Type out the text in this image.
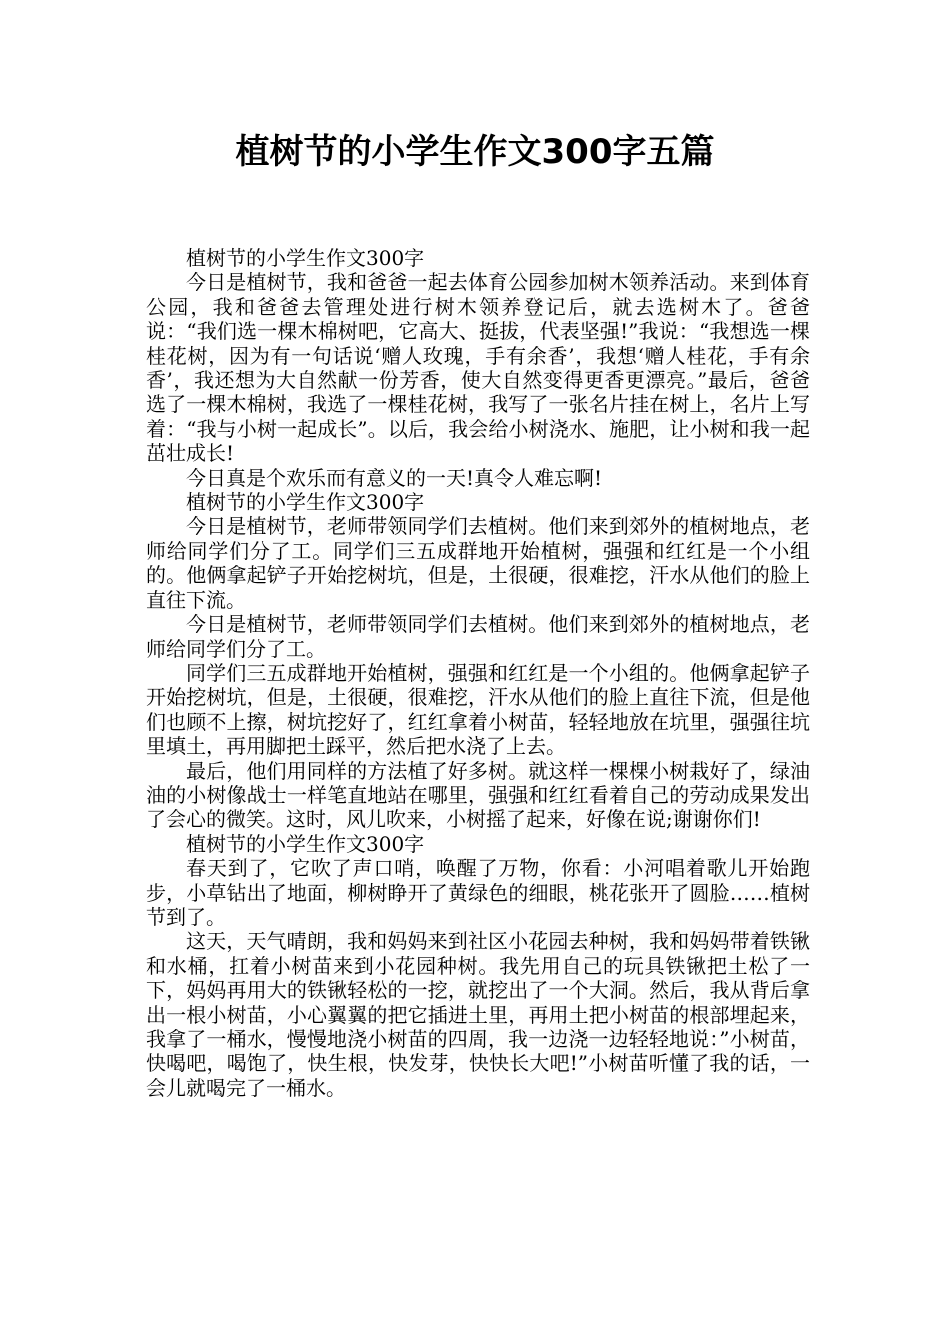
植树节的小学生作文300字五篇

植树节的小学生作文300字

今日是植树节，我和爸爸一起去体育公园参加树木领养活动。来到体育公园，我和爸爸去管理处进行树木领养登记后，就去选树木了。爸爸说：“我们选一棵木棉树吧，它高大、挺拔，代表坚强!”我说：“我想选一棵桂花树，因为有一句话说‘赠人玫瑰，手有余香’，我想‘赠人桂花，手有余香’，我还想为大自然献一份芳香，使大自然变得更香更漂亮。”最后，爸爸选了一棵木棉树，我选了一棵桂花树，我写了一张名片挂在树上，名片上写着：“我与小树一起成长”。以后，我会给小树浇水、施肥，让小树和我一起茁壮成长!

今日真是个欢乐而有意义的一天!真令人难忘啊!

植树节的小学生作文300字

今日是植树节，老师带领同学们去植树。他们来到郊外的植树地点，老师给同学们分了工。同学们三五成群地开始植树，强强和红红是一个小组的。他俩拿起铲子开始挖树坑，但是，土很硬，很难挖，汗水从他们的脸上直往下流。

今日是植树节，老师带领同学们去植树。他们来到郊外的植树地点，老师给同学们分了工。

同学们三五成群地开始植树，强强和红红是一个小组的。他俩拿起铲子开始挖树坑，但是，土很硬，很难挖，汗水从他们的脸上直往下流，但是他们也顾不上擦，树坑挖好了，红红拿着小树苗，轻轻地放在坑里，强强往坑里填土，再用脚把土踩平，然后把水浇了上去。

最后，他们用同样的方法植了好多树。就这样一棵棵小树栽好了，绿油油的小树像战士一样笔直地站在哪里，强强和红红看着自己的劳动成果发出了会心的微笑。这时，风儿吹来，小树摇了起来，好像在说;谢谢你们!

植树节的小学生作文300字

春天到了，它吹了声口哨，唤醒了万物，你看：小河唱着歌儿开始跑步，小草钻出了地面，柳树睁开了黄绿色的细眼，桃花张开了圆脸……植树节到了。

这天，天气晴朗，我和妈妈来到社区小花园去种树，我和妈妈带着铁锹和水桶，扛着小树苗来到小花园种树。我先用自己的玩具铁锹把土松了一下，妈妈再用大的铁锹轻松的一挖，就挖出了一个大洞。然后，我从背后拿出一根小树苗，小心翼翼的把它插进土里，再用土把小树苗的根部埋起来，我拿了一桶水，慢慢地浇小树苗的四周，我一边浇一边轻轻地说：”小树苗，快喝吧，喝饱了，快生根，快发芽，快快长大吧!”小树苗听懂了我的话，一会儿就喝完了一桶水。
